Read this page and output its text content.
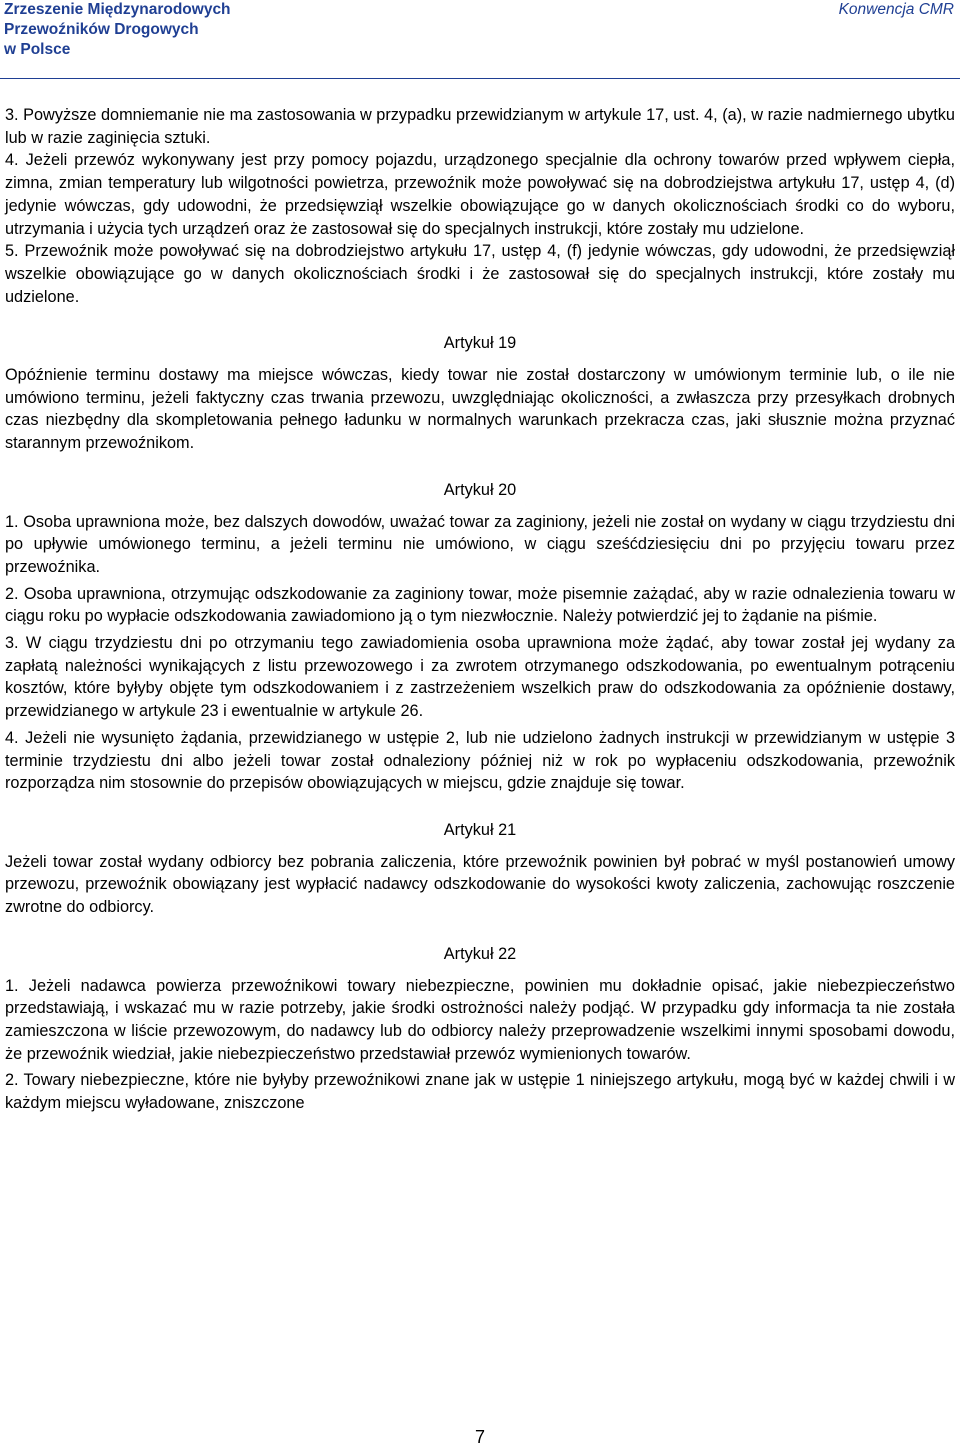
Zrzeszenie Międzynarodowych
Przewoźników Drogowych
w Polsce
Konwencja CMR

3. Powyższe domniemanie nie ma zastosowania w przypadku przewidzianym w artykule 17, ust. 4, (a), w razie nadmiernego ubytku lub w razie zaginięcia sztuki.

4. Jeżeli przewóz wykonywany jest przy pomocy pojazdu, urządzonego specjalnie dla ochrony towarów przed wpływem ciepła, zimna, zmian temperatury lub wilgotności powietrza, przewoźnik może powoływać się na dobrodziejstwa artykułu 17, ustęp 4, (d) jedynie wówczas, gdy udowodni, że przedsięwziął wszelkie obowiązujące go w danych okolicznościach środki co do wyboru, utrzymania i użycia tych urządzeń oraz że zastosował się do specjalnych instrukcji, które zostały mu udzielone.

5. Przewoźnik może powoływać się na dobrodziejstwo artykułu 17, ustęp 4, (f) jedynie wówczas, gdy udowodni, że przedsięwziął wszelkie obowiązujące go w danych okolicznościach środki i że zastosował się do specjalnych instrukcji, które zostały mu udzielone.

Artykuł 19

Opóźnienie terminu dostawy ma miejsce wówczas, kiedy towar nie został dostarczony w umówionym terminie lub, o ile nie umówiono terminu, jeżeli faktyczny czas trwania przewozu, uwzględniając okoliczności, a zwłaszcza przy przesyłkach drobnych czas niezbędny dla skompletowania pełnego ładunku w normalnych warunkach przekracza czas, jaki słusznie można przyznać starannym przewoźnikom.

Artykuł 20

1. Osoba uprawniona może, bez dalszych dowodów, uważać towar za zaginiony, jeżeli nie został on wydany w ciągu trzydziestu dni po upływie umówionego terminu, a jeżeli terminu nie umówiono, w ciągu sześćdziesięciu dni po przyjęciu towaru przez przewoźnika.

2. Osoba uprawniona, otrzymując odszkodowanie za zaginiony towar, może pisemnie zażądać, aby w razie odnalezienia towaru w ciągu roku po wypłacie odszkodowania zawiadomiono ją o tym niezwłocznie. Należy potwierdzić jej to żądanie na piśmie.

3. W ciągu trzydziestu dni po otrzymaniu tego zawiadomienia osoba uprawniona może żądać, aby towar został jej wydany za zapłatą należności wynikających z listu przewozowego i za zwrotem otrzymanego odszkodowania, po ewentualnym potrąceniu kosztów, które byłyby objęte tym odszkodowaniem i z zastrzeżeniem wszelkich praw do odszkodowania za opóźnienie dostawy, przewidzianego w artykule 23 i ewentualnie w artykule 26.

4. Jeżeli nie wysunięto żądania, przewidzianego w ustępie 2, lub nie udzielono żadnych instrukcji w przewidzianym w ustępie 3 terminie trzydziestu dni albo jeżeli towar został odnaleziony później niż w rok po wypłaceniu odszkodowania, przewoźnik rozporządza nim stosownie do przepisów obowiązujących w miejscu, gdzie znajduje się towar.

Artykuł 21

Jeżeli towar został wydany odbiorcy bez pobrania zaliczenia, które przewoźnik powinien był pobrać w myśl postanowień umowy przewozu, przewoźnik obowiązany jest wypłacić nadawcy odszkodowanie do wysokości kwoty zaliczenia, zachowując roszczenie zwrotne do odbiorcy.

Artykuł 22

1. Jeżeli nadawca powierza przewoźnikowi towary niebezpieczne, powinien mu dokładnie opisać, jakie niebezpieczeństwo przedstawiają, i wskazać mu w razie potrzeby, jakie środki ostrożności należy podjąć. W przypadku gdy informacja ta nie została zamieszczona w liście przewozowym, do nadawcy lub do odbiorcy należy przeprowadzenie wszelkimi innymi sposobami dowodu, że przewoźnik wiedział, jakie niebezpieczeństwo przedstawiał przewóz wymienionych towarów.

2. Towary niebezpieczne, które nie byłyby przewoźnikowi znane jak w ustępie 1 niniejszego artykułu, mogą być w każdej chwili i w każdym miejscu wyładowane, zniszczone

7
